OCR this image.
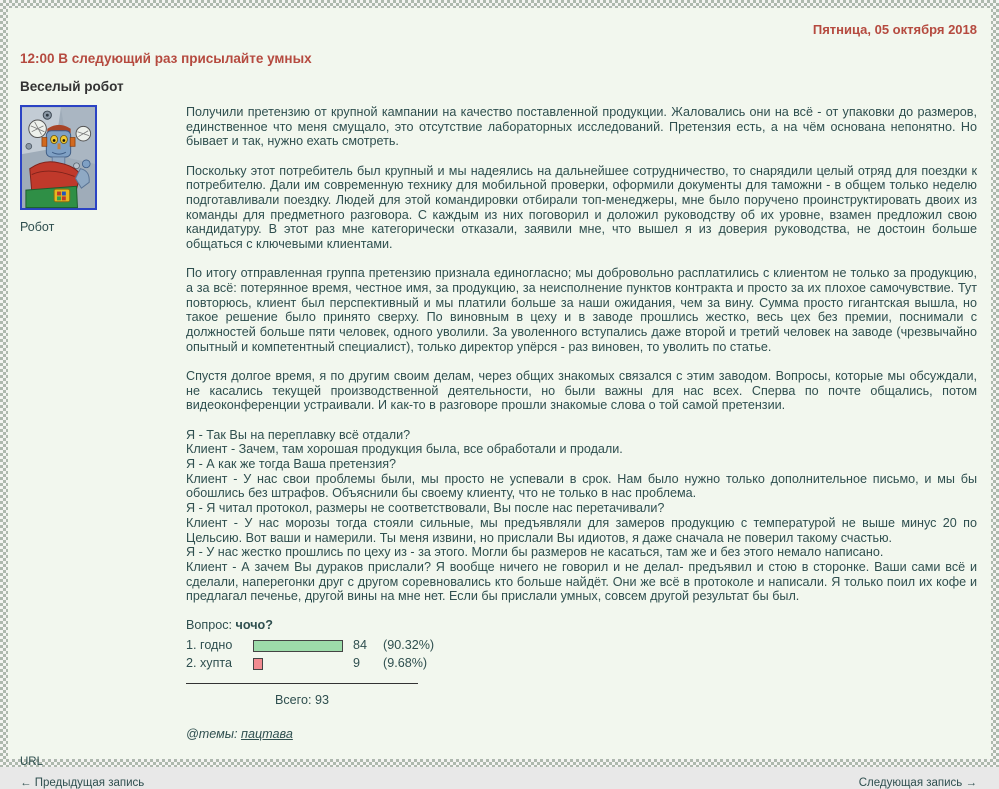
Пятница, 05 октября 2018
12:00 В следующий раз присылайте умных
Веселый робот
Робот

Получили претензию от крупной кампании на качество поставленной продукции. Жаловались они на всё - от упаковки до размеров, единственное что меня смущало, это отсутствие лабораторных исследований. Претензия есть, а на чём основана непонятно. Но бывает и так, нужно ехать смотреть.

Поскольку этот потребитель был крупный и мы надеялись на дальнейшее сотрудничество, то снарядили целый отряд для поездки к потребителю. Дали им современную технику для мобильной проверки, оформили документы для таможни - в общем только неделю подготавливали поездку. Людей для этой командировки отбирали топ-менеджеры, мне было поручено проинструктировать двоих из команды для предметного разговора. С каждым из них поговорил и доложил руководству об их уровне, взамен предложил свою кандидатуру. В этот раз мне категорически отказали, заявили мне, что вышел я из доверия руководства, не достоин больше общаться с ключевыми клиентами.

По итогу отправленная группа претензию признала единогласно; мы добровольно расплатились с клиентом не только за продукцию, а за всё: потерянное время, честное имя, за продукцию, за неисполнение пунктов контракта и просто за их плохое самочувствие. Тут повторюсь, клиент был перспективный и мы платили больше за наши ожидания, чем за вину. Сумма просто гигантская вышла, но такое решение было принято сверху. По виновным в цеху и в заводе прошлись жестко, весь цех без премии, поснимали с должностей больше пяти человек, одного уволили. За уволенного вступались даже второй и третий человек на заводе (чрезвычайно опытный и компетентный специалист), только директор упёрся - раз виновен, то уволить по статье.

Спустя долгое время, я по другим своим делам, через общих знакомых связался с этим заводом. Вопросы, которые мы обсуждали, не касались текущей производственной деятельности, но были важны для нас всех. Сперва по почте общались, потом видеоконференции устраивали. И как-то в разговоре прошли знакомые слова о той самой претензии.

Я - Так Вы на переплавку всё отдали?
Клиент - Зачем, там хорошая продукция была, все обработали и продали.
Я - А как же тогда Ваша претензия?
Клиент - У нас свои проблемы были, мы просто не успевали в срок. Нам было нужно только дополнительное письмо, и мы бы обошлись без штрафов. Объяснили бы своему клиенту, что не только в нас проблема.
Я - Я читал протокол, размеры не соответствовали, Вы после нас перетачивали?
Клиент - У нас морозы тогда стояли сильные, мы предъявляли для замеров продукцию с температурой не выше минус 20 по Цельсию. Вот ваши и намерили. Ты меня извини, но прислали Вы идиотов, я даже сначала не поверил такому счастью.
Я - У нас жестко прошлись по цеху из - за этого. Могли бы размеров не касаться, там же и без этого немало написано.
Клиент - А зачем Вы дураков прислали? Я вообще ничего не говорил и не делал- предъявил и стою в сторонке. Ваши сами всё и сделали, наперегонки друг с другом соревновались кто больше найдёт. Они же всё в протоколе и написали. Я только поил их кофе и предлагал печенье, другой вины на мне нет. Если бы прислали умных, совсем другой результат бы был.
Вопрос: чочо?
1. годно	84	(90.32%)
2. хупта	9	(9.68%)
Всего: 93
@темы: пацтава
URL
← Предыдущая запись	Следующая запись →
